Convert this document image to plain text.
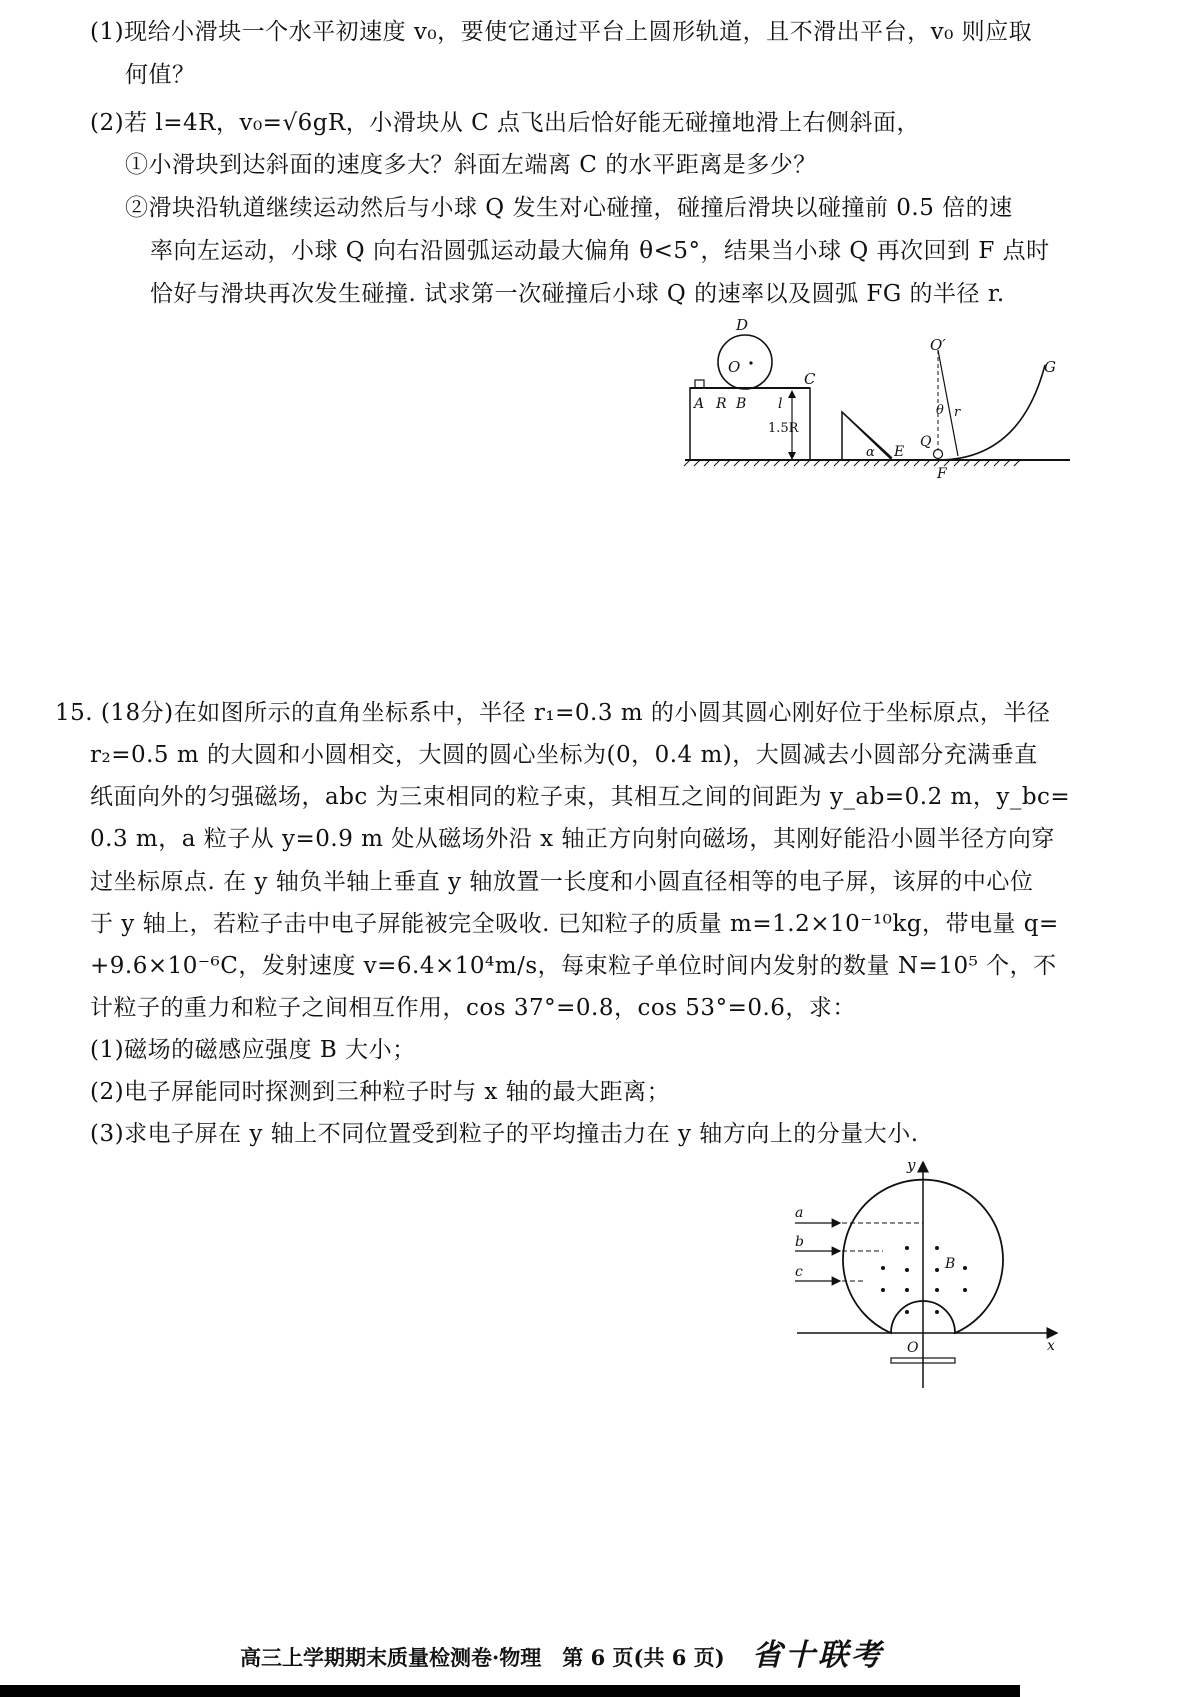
(1)现给小滑块一个水平初速度 v₀，要使它通过平台上圆形轨道，且不滑出平台，v₀ 则应取
何值？
(2)若 l=4R，v₀=√6gR，小滑块从 C 点飞出后恰好能无碰撞地滑上右侧斜面，
①小滑块到达斜面的速度多大？斜面左端离 C 的水平距离是多少？
②滑块沿轨道继续运动然后与小球 Q 发生对心碰撞，碰撞后滑块以碰撞前 0.5 倍的速
率向左运动，小球 Q 向右沿圆弧运动最大偏角 θ<5°，结果当小球 Q 再次回到 F 点时
恰好与滑块再次发生碰撞. 试求第一次碰撞后小球 Q 的速率以及圆弧 FG 的半径 r.
D
O
A R B
C
l
1.5R
α E
Q
F
O′
θ r
G
15. (18分)在如图所示的直角坐标系中，半径 r₁=0.3 m 的小圆其圆心刚好位于坐标原点，半径
r₂=0.5 m 的大圆和小圆相交，大圆的圆心坐标为(0，0.4 m)，大圆减去小圆部分充满垂直
纸面向外的匀强磁场，abc 为三束相同的粒子束，其相互之间的间距为 y_ab=0.2 m，y_bc=
0.3 m，a 粒子从 y=0.9 m 处从磁场外沿 x 轴正方向射向磁场，其刚好能沿小圆半径方向穿
过坐标原点. 在 y 轴负半轴上垂直 y 轴放置一长度和小圆直径相等的电子屏，该屏的中心位
于 y 轴上，若粒子击中电子屏能被完全吸收. 已知粒子的质量 m=1.2×10⁻¹⁰kg，带电量 q=
+9.6×10⁻⁶C，发射速度 v=6.4×10⁴m/s，每束粒子单位时间内发射的数量 N=10⁵ 个，不
计粒子的重力和粒子之间相互作用，cos 37°=0.8，cos 53°=0.6，求：
(1)磁场的磁感应强度 B 大小；
(2)电子屏能同时探测到三种粒子时与 x 轴的最大距离；
(3)求电子屏在 y 轴上不同位置受到粒子的平均撞击力在 y 轴方向上的分量大小.
y
x
a
b
c	B
O
高三上学期期末质量检测卷·物理　第 6 页(共 6 页) 省十联考
